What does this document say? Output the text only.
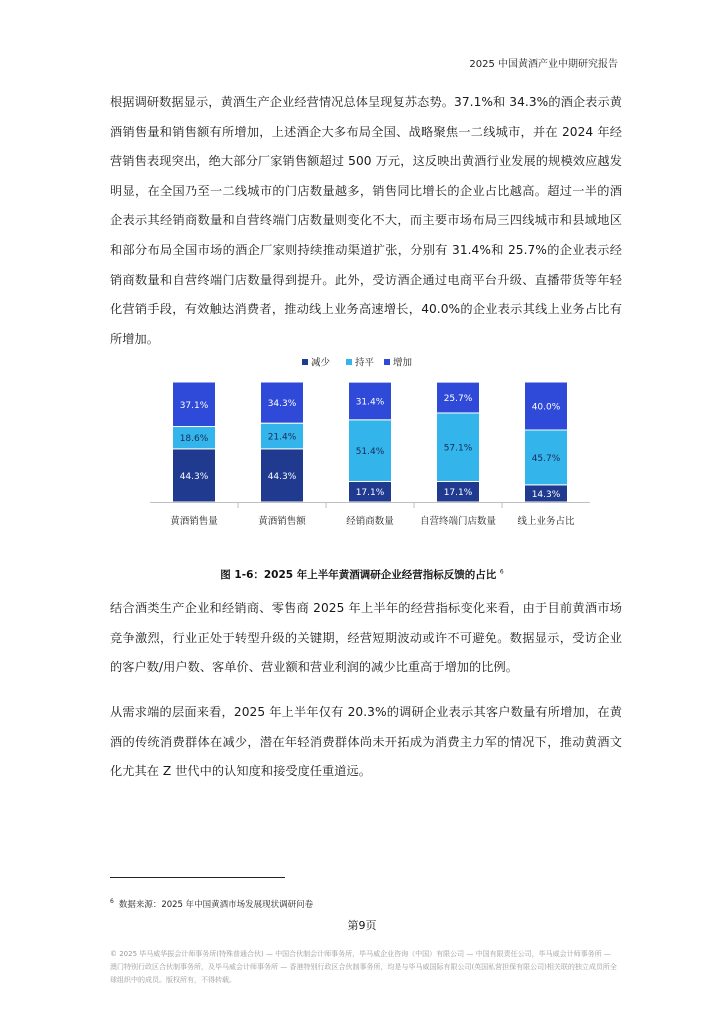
2025 中国黄酒产业中期研究报告

根据调研数据显示，黄酒生产企业经营情况总体呈现复苏态势。37.1%和 34.3%的酒企表示黄酒销售量和销售额有所增加，上述酒企大多布局全国、战略聚焦一二线城市，并在 2024 年经营销售表现突出，绝大部分厂家销售额超过 500 万元，这反映出黄酒行业发展的规模效应越发明显，在全国乃至一二线城市的门店数量越多，销售同比增长的企业占比越高。超过一半的酒企表示其经销商数量和自营终端门店数量则变化不大，而主要市场布局三四线城市和县域地区和部分布局全国市场的酒企厂家则持续推动渠道扩张，分别有 31.4%和 25.7%的企业表示经销商数量和自营终端门店数量得到提升。此外，受访酒企通过电商平台升级、直播带货等年轻化营销手段，有效触达消费者，推动线上业务高速增长，40.0%的企业表示其线上业务占比有所增加。

减少	持平 增加
44.3%
18.6%
37.1%
黄酒销售量
44.3%
21.4%
34.3%
黄酒销售额
17.1%
51.4%
31.4%
经销商数量
17.1%
57.1%
25.7%
自营终端门店数量
14.3%
45.7%
40.0%
线上业务占比
图 1-6：2025 年上半年黄酒调研企业经营指标反馈的占比 $^6$

结合酒类生产企业和经销商、零售商 2025 年上半年的经营指标变化来看，由于目前黄酒市场竞争激烈，行业正处于转型升级的关键期，经营短期波动或许不可避免。数据显示，受访企业的客户数/用户数、客单价、营业额和营业利润的减少比重高于增加的比例。

从需求端的层面来看，2025 年上半年仅有 20.3%的调研企业表示其客户数量有所增加，在黄酒的传统消费群体在减少，潜在年轻消费群体尚未开拓成为消费主力军的情况下，推动黄酒文化尤其在 Z 世代中的认知度和接受度任重道远。

$^6$ 数据来源：2025 年中国黄酒市场发展现状调研问卷
第9页
© 2025 毕马威华振会计师事务所(特殊普通合伙) — 中国合伙制会计师事务所，毕马威企业咨询（中国）有限公司 — 中国有限责任公司，毕马威会计师事务所 — 澳门特别行政区合伙制事务所，及毕马威会计师事务所 — 香港特别行政区合伙制事务所，均是与毕马威国际有限公司(英国私营担保有限公司)相关联的独立成员所全球组织中的成员。版权所有，不得转载。
